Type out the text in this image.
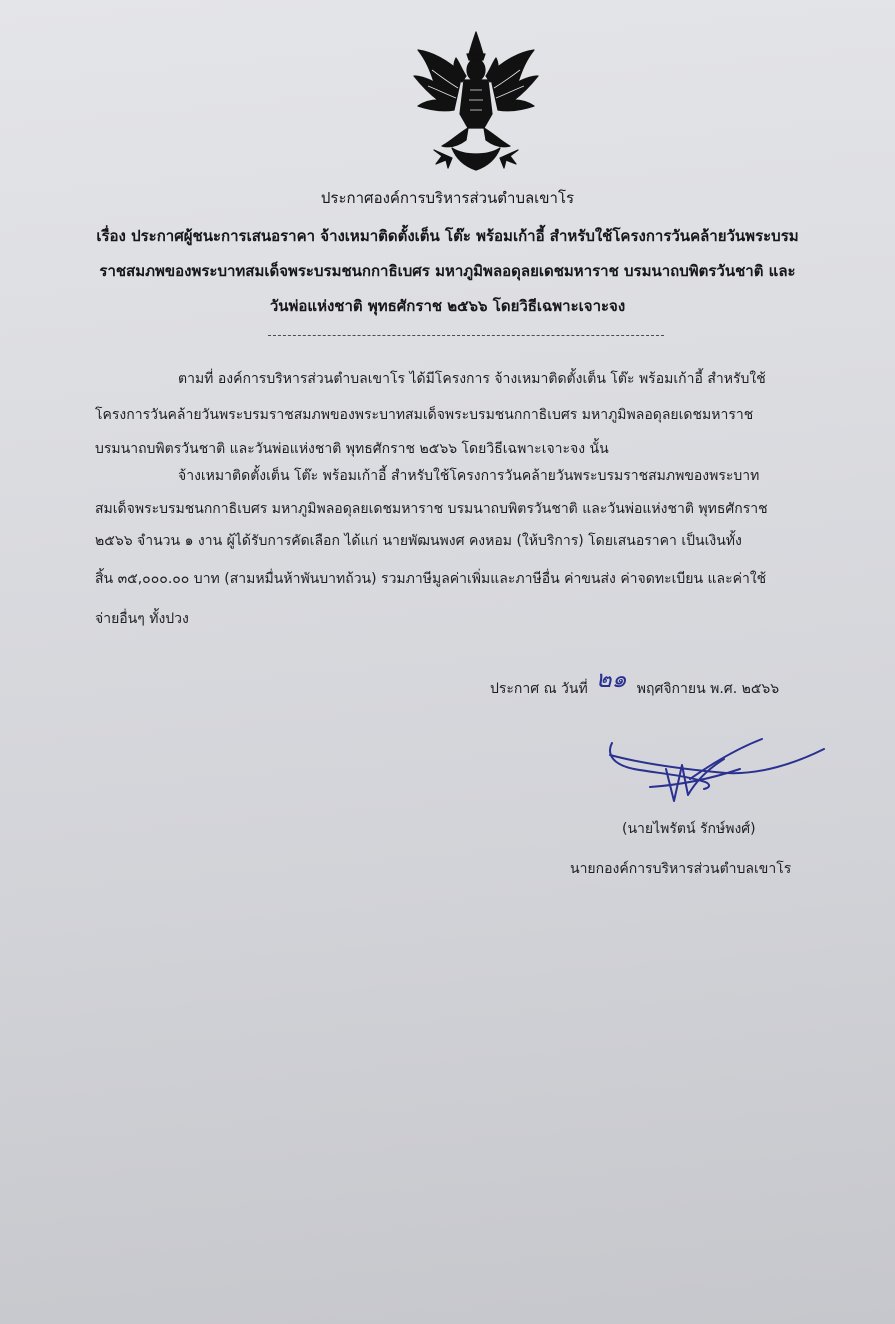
ประกาศองค์การบริหารส่วนตำบลเขาโร
เรื่อง ประกาศผู้ชนะการเสนอราคา จ้างเหมาติดตั้งเต็น โต๊ะ พร้อมเก้าอี้ สำหรับใช้โครงการวันคล้ายวันพระบรม
ราชสมภพของพระบาทสมเด็จพระบรมชนกกาธิเบศร มหาภูมิพลอดุลยเดชมหาราช บรมนาถบพิตรวันชาติ และ
วันพ่อแห่งชาติ พุทธศักราช ๒๕๖๖ โดยวิธีเฉพาะเจาะจง
ตามที่ องค์การบริหารส่วนตำบลเขาโร ได้มีโครงการ จ้างเหมาติดตั้งเต็น โต๊ะ พร้อมเก้าอี้ สำหรับใช้
โครงการวันคล้ายวันพระบรมราชสมภพของพระบาทสมเด็จพระบรมชนกกาธิเบศร มหาภูมิพลอดุลยเดชมหาราช
บรมนาถบพิตรวันชาติ และวันพ่อแห่งชาติ พุทธศักราช ๒๕๖๖ โดยวิธีเฉพาะเจาะจง นั้น
จ้างเหมาติดตั้งเต็น โต๊ะ พร้อมเก้าอี้ สำหรับใช้โครงการวันคล้ายวันพระบรมราชสมภพของพระบาท
สมเด็จพระบรมชนกกาธิเบศร มหาภูมิพลอดุลยเดชมหาราช บรมนาถบพิตรวันชาติ และวันพ่อแห่งชาติ พุทธศักราช
๒๕๖๖ จำนวน ๑ งาน ผู้ได้รับการคัดเลือก ได้แก่ นายพัฒนพงศ คงหอม (ให้บริการ) โดยเสนอราคา เป็นเงินทั้ง
สิ้น ๓๕,๐๐๐.๐๐ บาท (สามหมื่นห้าพันบาทถ้วน) รวมภาษีมูลค่าเพิ่มและภาษีอื่น ค่าขนส่ง ค่าจดทะเบียน และค่าใช้
จ่ายอื่นๆ ทั้งปวง
ประกาศ ณ วันที่ ๒๑ พฤศจิกายน พ.ศ. ๒๕๖๖
(นายไพรัตน์ รักษ์พงศ์)
นายกองค์การบริหารส่วนตำบลเขาโร
